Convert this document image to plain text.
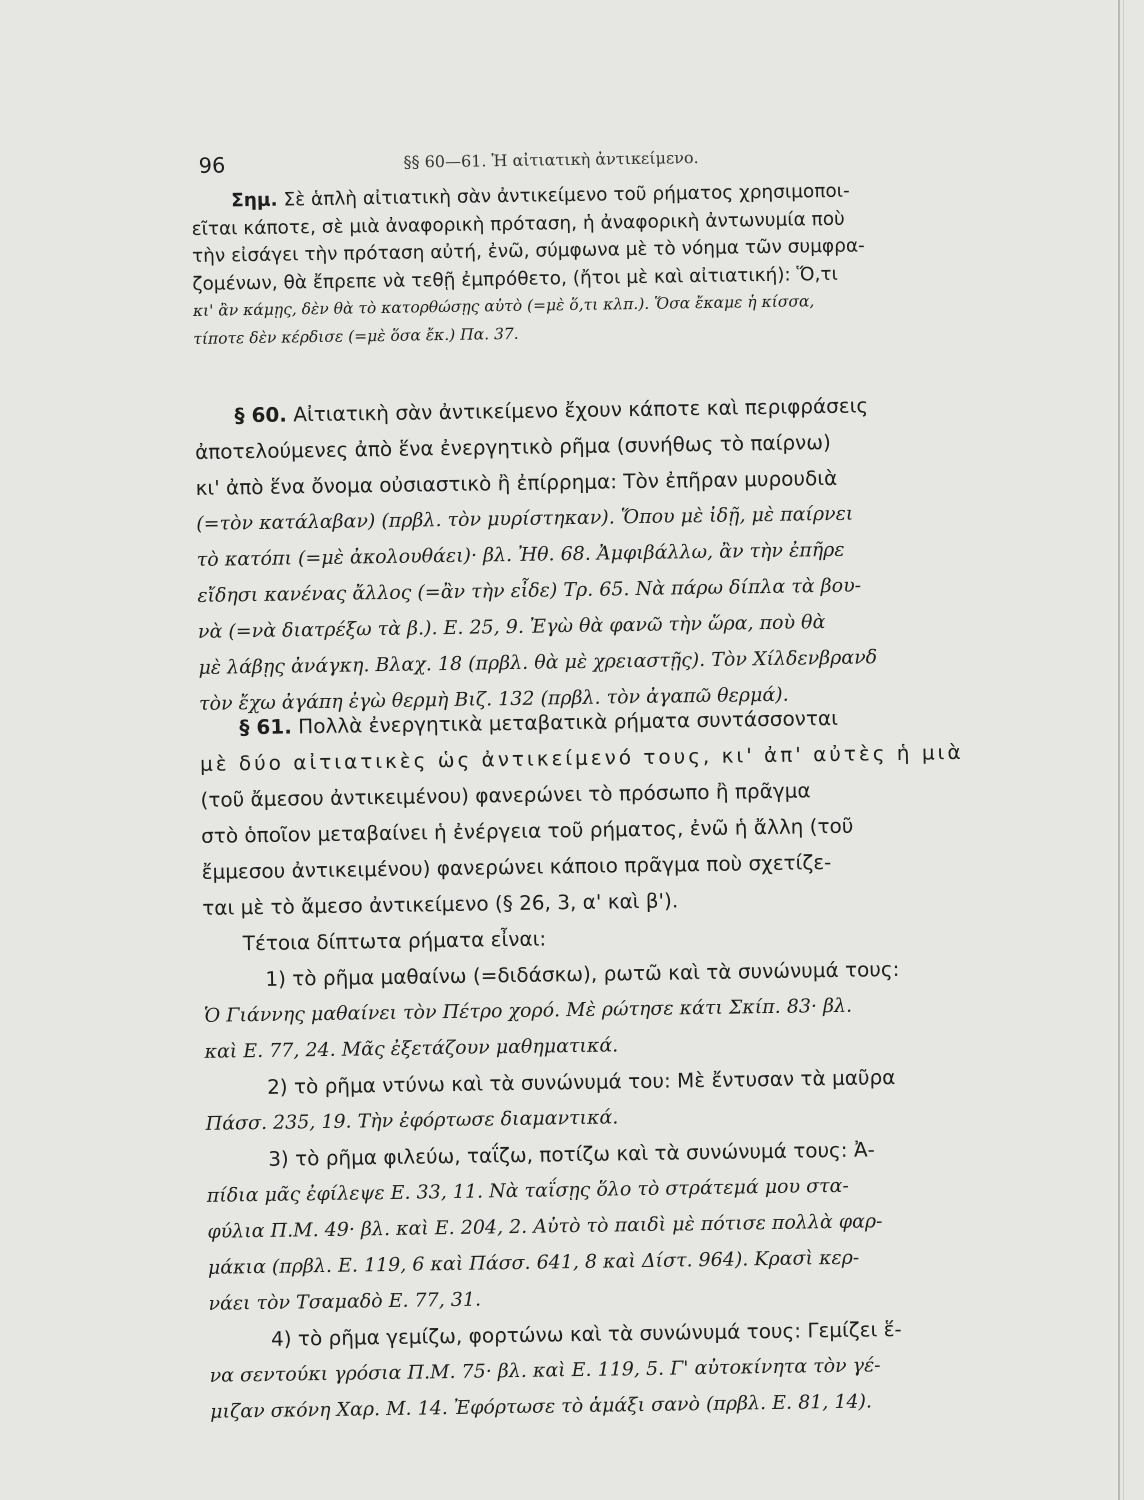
96	§§ 60—61. Ἡ αἰτιατικὴ ἀντικείμενο.
Σημ. Σὲ ἁπλὴ αἰτιατικὴ σὰν ἀντικείμενο τοῦ ρήματος χρησιμοποι-
εῖται κάποτε, σὲ μιὰ ἀναφορικὴ πρόταση, ἡ ἀναφορικὴ ἀντωνυμία ποὺ
τὴν εἰσάγει τὴν πρόταση αὐτή, ἐνῶ, σύμφωνα μὲ τὸ νόημα τῶν συμφρα-
ζομένων, θὰ ἔπρεπε νὰ τεθῇ ἐμπρόθετο, (ἤτοι μὲ καὶ αἰτιατική): Ὅ,τι
κι' ἂν κάμῃς, δὲν θὰ τὸ κατορθώσῃς αὐτὸ (=μὲ ὅ,τι κλπ.). Ὅσα ἔκαμε ἡ κίσσα,
τίποτε δὲν κέρδισε (=μὲ ὅσα ἔκ.) Πα. 37.
§ 60. Αἰτιατικὴ σὰν ἀντικείμενο ἔχουν κάποτε καὶ περιφράσεις
ἀποτελούμενες ἀπὸ ἕνα ἐνεργητικὸ ρῆμα (συνήθως τὸ παίρνω)
κι' ἀπὸ ἕνα ὄνομα οὐσιαστικὸ ἢ ἐπίρρημα: Τὸν ἐπῆραν μυρουδιὰ
(=τὸν κατάλαβαν) (πρβλ. τὸν μυρίστηκαν). Ὅπου μὲ ἰδῇ, μὲ παίρνει
τὸ κατόπι (=μὲ ἀκολουθάει)· βλ. Ἠθ. 68. Ἀμφιβάλλω, ἂν τὴν ἐπῆρε
εἴδησι κανένας ἄλλος (=ἂν τὴν εἶδε) Τρ. 65. Νὰ πάρω δίπλα τὰ βου-
νὰ (=νὰ διατρέξω τὰ β.). Ε. 25, 9. Ἐγὼ θὰ φανῶ τὴν ὥρα, ποὺ θὰ
μὲ λάβῃς ἀνάγκη. Βλαχ. 18 (πρβλ. θὰ μὲ χρειαστῇς). Τὸν Χίλδενβρανδ
τὸν ἔχω ἀγάπη ἐγὼ θερμὴ Βιζ. 132 (πρβλ. τὸν ἀγαπῶ θερμά).
§ 61. Πολλὰ ἐνεργητικὰ μεταβατικὰ ρήματα συντάσσονται
μὲ δύο αἰτιατικὲς ὡς ἀντικείμενό τους, κι' ἀπ' αὐτὲς ἡ μιὰ
(τοῦ ἄμεσου ἀντικειμένου) φανερώνει τὸ πρόσωπο ἢ πρᾶγμα
στὸ ὁποῖον μεταβαίνει ἡ ἐνέργεια τοῦ ρήματος, ἐνῶ ἡ ἄλλη (τοῦ
ἔμμεσου ἀντικειμένου) φανερώνει κάποιο πρᾶγμα ποὺ σχετίζε-
ται μὲ τὸ ἄμεσο ἀντικείμενο (§ 26, 3, α' καὶ β').
Τέτοια δίπτωτα ρήματα εἶναι:
1) τὸ ρῆμα μαθαίνω (=διδάσκω), ρωτῶ καὶ τὰ συνώνυμά τους:
Ὁ Γιάννης μαθαίνει τὸν Πέτρο χορό. Μὲ ρώτησε κάτι Σκίπ. 83· βλ.
καὶ Ε. 77, 24. Μᾶς ἐξετάζουν μαθηματικά.
2) τὸ ρῆμα ντύνω καὶ τὰ συνώνυμά του: Μὲ ἔντυσαν τὰ μαῦρα
Πάσσ. 235, 19. Τὴν ἐφόρτωσε διαμαντικά.
3) τὸ ρῆμα φιλεύω, ταΐζω, ποτίζω καὶ τὰ συνώνυμά τους: Ἀ-
πίδια μᾶς ἐφίλεψε Ε. 33, 11. Νὰ ταΐσῃς ὅλο τὸ στράτεμά μου στα-
φύλια Π.Μ. 49· βλ. καὶ Ε. 204, 2. Αὐτὸ τὸ παιδὶ μὲ πότισε πολλὰ φαρ-
μάκια (πρβλ. Ε. 119, 6 καὶ Πάσσ. 641, 8 καὶ Δίστ. 964). Κρασὶ κερ-
νάει τὸν Τσαμαδὸ Ε. 77, 31.
4) τὸ ρῆμα γεμίζω, φορτώνω καὶ τὰ συνώνυμά τους: Γεμίζει ἕ-
να σεντούκι γρόσια Π.Μ. 75· βλ. καὶ Ε. 119, 5. Γ' αὐτοκίνητα τὸν γέ-
μιζαν σκόνη Χαρ. Μ. 14. Ἐφόρτωσε τὸ ἁμάξι σανὸ (πρβλ. Ε. 81, 14).
